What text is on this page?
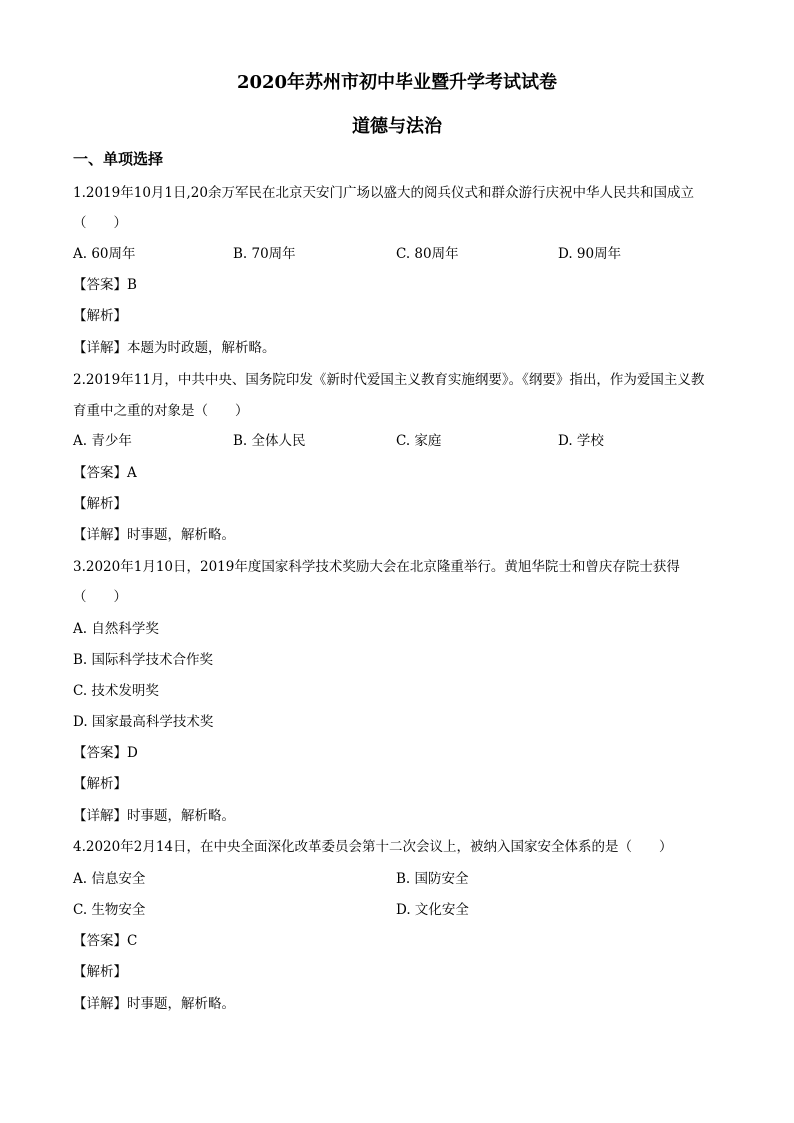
2020年苏州市初中毕业暨升学考试试卷
道德与法治
一、单项选择
1.2019年10月1日,20余万军民在北京天安门广场以盛大的阅兵仪式和群众游行庆祝中华人民共和国成立
（　　）
A. 60周年	B. 70周年	C. 80周年	D. 90周年
【答案】B
【解析】
【详解】本题为时政题，解析略。
2.2019年11月，中共中央、国务院印发《新时代爱国主义教育实施纲要》。《纲要》指出，作为爱国主义教
育重中之重的对象是（　　）
A. 青少年	B. 全体人民	C. 家庭	D. 学校
【答案】A
【解析】
【详解】时事题，解析略。
3.2020年1月10日，2019年度国家科学技术奖励大会在北京隆重举行。黄旭华院士和曾庆存院士获得
（　　）
A. 自然科学奖
B. 国际科学技术合作奖
C. 技术发明奖
D. 国家最高科学技术奖
【答案】D
【解析】
【详解】时事题，解析略。
4.2020年2月14日，在中央全面深化改革委员会第十二次会议上，被纳入国家安全体系的是（　　）
A. 信息安全	B. 国防安全
C. 生物安全	D. 文化安全
【答案】C
【解析】
【详解】时事题，解析略。
